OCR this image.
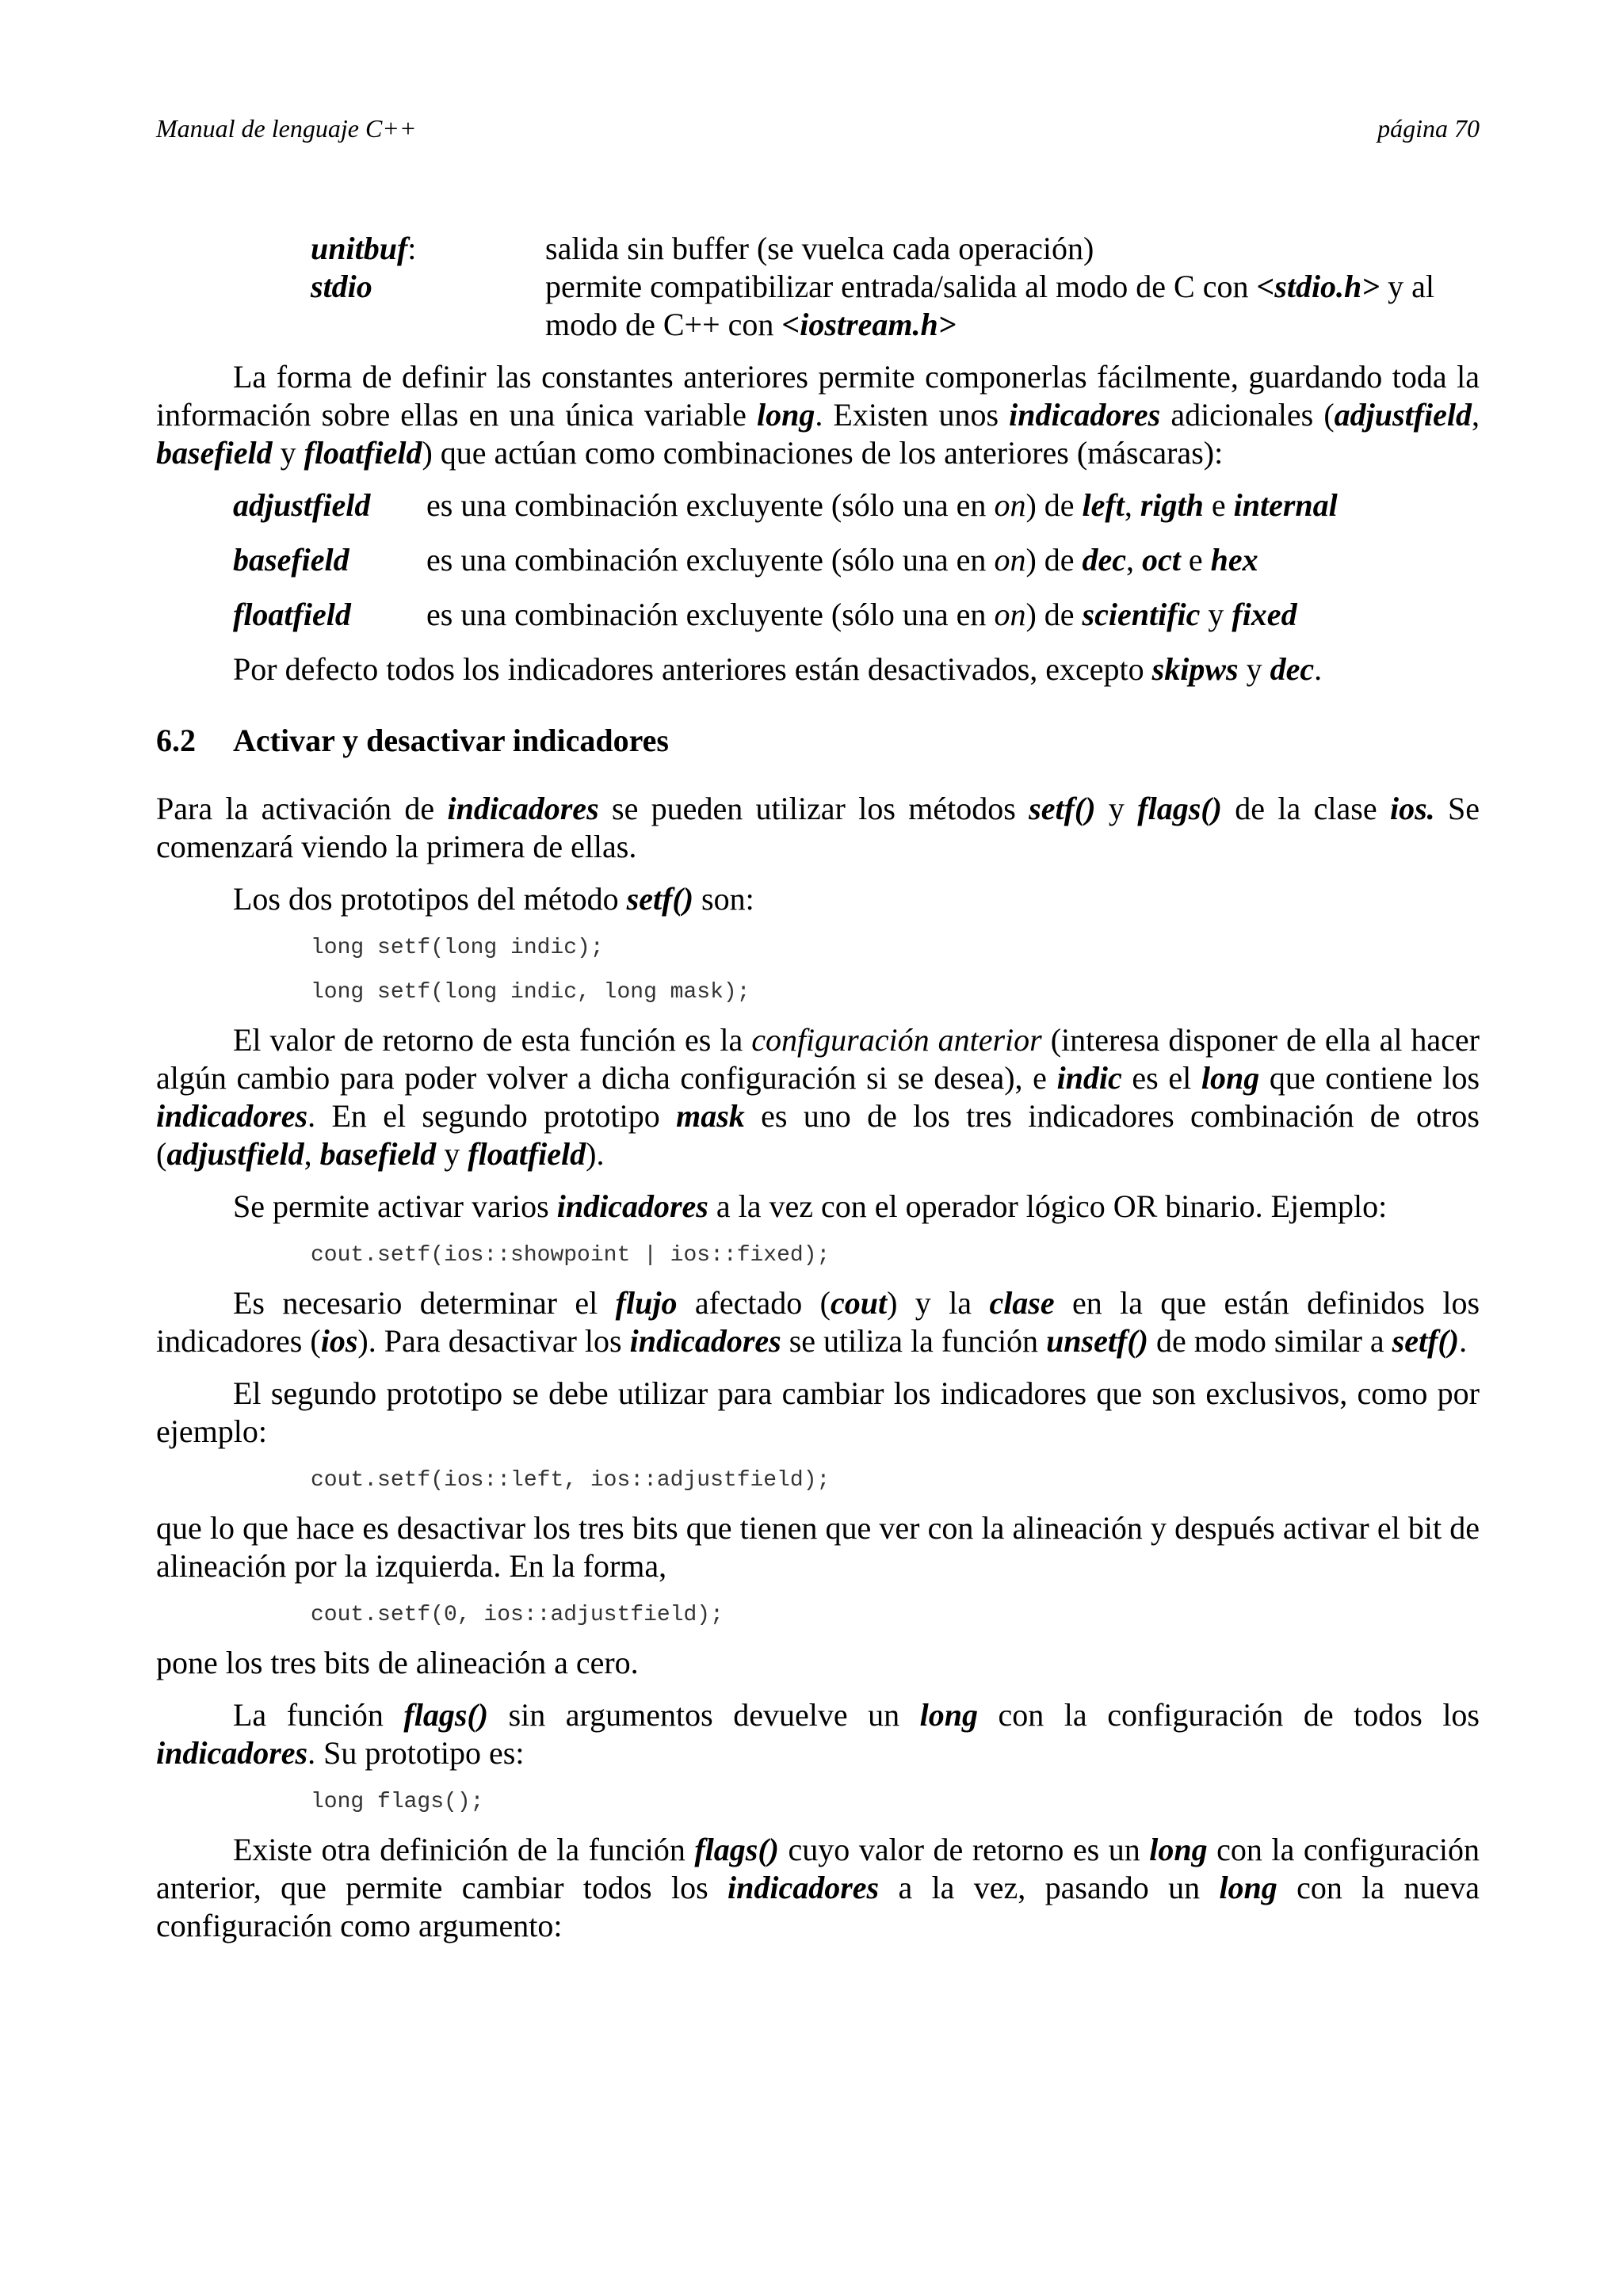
Manual de lenguaje C++	página 70
unitbuf:	salida sin buffer (se vuelca cada operación)
stdio	permite compatibilizar entrada/salida al modo de C con <stdio.h> y al modo de C++ con <iostream.h>

La forma de definir las constantes anteriores permite componerlas fácilmente, guardando toda la información sobre ellas en una única variable long. Existen unos indicadores adicionales (adjustfield, basefield y floatfield) que actúan como combinaciones de los anteriores (máscaras):

adjustfield	es una combinación excluyente (sólo una en on) de left, rigth e internal
basefield	es una combinación excluyente (sólo una en on) de dec, oct e hex
floatfield	es una combinación excluyente (sólo una en on) de scientific y fixed

Por defecto todos los indicadores anteriores están desactivados, excepto skipws y dec.

6.2	Activar y desactivar indicadores

Para la activación de indicadores se pueden utilizar los métodos setf() y flags() de la clase ios. Se comenzará viendo la primera de ellas.

Los dos prototipos del método setf() son:

long setf(long indic);
long setf(long indic, long mask);

El valor de retorno de esta función es la configuración anterior (interesa disponer de ella al hacer algún cambio para poder volver a dicha configuración si se desea), e indic es el long que contiene los indicadores. En el segundo prototipo mask es uno de los tres indicadores combinación de otros (adjustfield, basefield y floatfield).

Se permite activar varios indicadores a la vez con el operador lógico OR binario. Ejemplo:

cout.setf(ios::showpoint | ios::fixed);

Es necesario determinar el flujo afectado (cout) y la clase en la que están definidos los indicadores (ios). Para desactivar los indicadores se utiliza la función unsetf() de modo similar a setf().

El segundo prototipo se debe utilizar para cambiar los indicadores que son exclusivos, como por ejemplo:

cout.setf(ios::left, ios::adjustfield);

que lo que hace es desactivar los tres bits que tienen que ver con la alineación y después activar el bit de alineación por la izquierda. En la forma,

cout.setf(0, ios::adjustfield);

pone los tres bits de alineación a cero.

La función flags() sin argumentos devuelve un long con la configuración de todos los indicadores. Su prototipo es:

long flags();

Existe otra definición de la función flags() cuyo valor de retorno es un long con la configuración anterior, que permite cambiar todos los indicadores a la vez, pasando un long con la nueva configuración como argumento:
